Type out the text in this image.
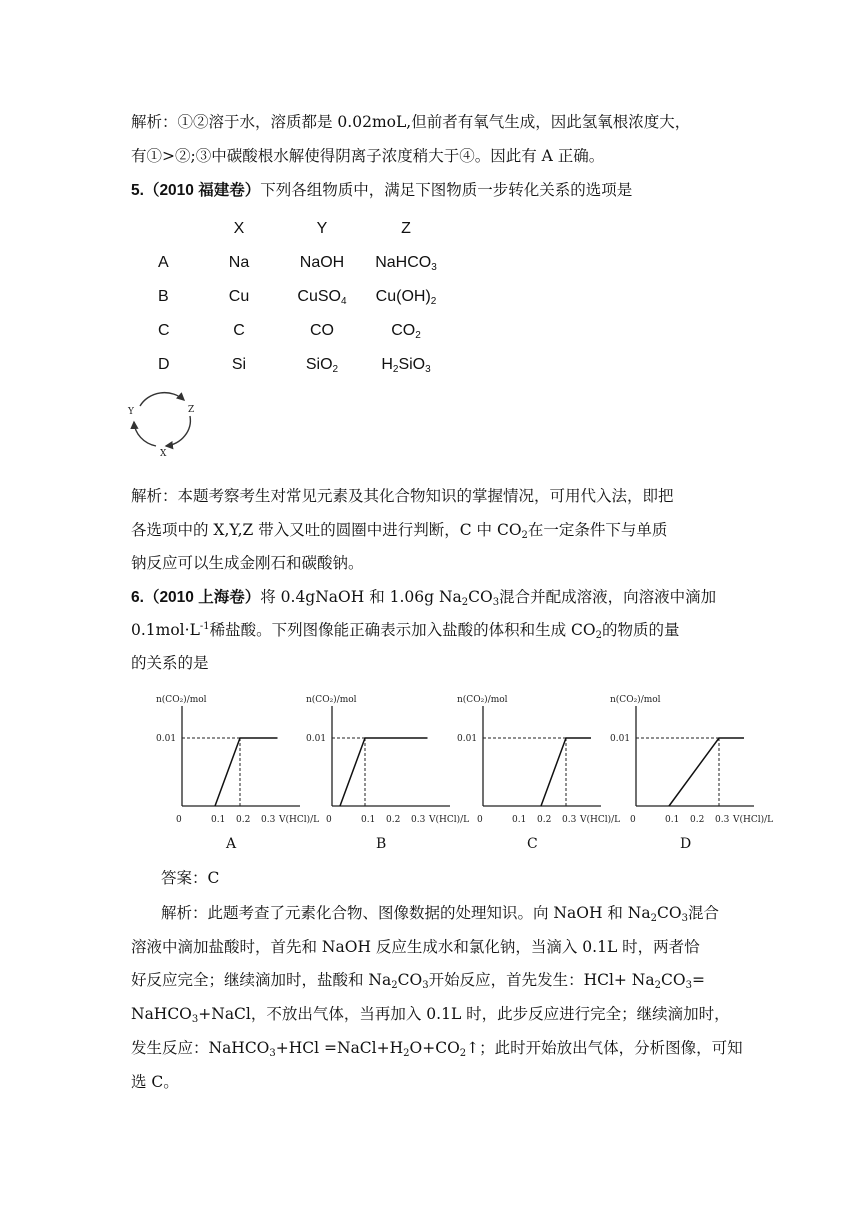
解析：①②溶于水，溶质都是 0.02moL,但前者有氧气生成，因此氢氧根浓度大，
有①>②;③中碳酸根水解使得阴离子浓度稍大于④。因此有 A 正确。
5.（2010 福建卷）下列各组物质中，满足下图物质一步转化关系的选项是
	X	Y	Z
A	Na	NaOH	NaHCO$_3$
B	Cu	CuSO$_4$	$Cu(OH)_2$
C	C	CO	$CO_2$
D	Si	SiO$_2$	$H_2SiO_3$
Y	Z
X
解析：本题考察考生对常见元素及其化合物知识的掌握情况，可用代入法，即把
各选项中的 X,Y,Z 带入又吐的圆圈中进行判断，C 中 $CO_2$在一定条件下与单质
钠反应可以生成金刚石和碳酸钠。
6.（2010 上海卷）将 0.4gNaOH 和 1.06g $Na_2CO_3$混合并配成溶液，向溶液中滴加
$0.1mol\cdot L^{-1}$稀盐酸。下列图像能正确表示加入盐酸的体积和生成 $CO_2$的物质的量
的关系的是
n(CO₂)/mol
0.01
0	0.1 0.2 0.3 V(HCl)/L
A
n(CO₂)/mol
0.01
0	0.1 0.2 0.3 V(HCl)/L
B
n(CO₂)/mol
0.01
0	0.1 0.2 0.3 V(HCl)/L
C
n(CO₂)/mol
0.01
0	0.1 0.2 0.3 V(HCl)/L
D
答案：C
解析：此题考查了元素化合物、图像数据的处理知识。向 NaOH 和 $Na_2CO_3$混合
溶液中滴加盐酸时，首先和 NaOH 反应生成水和氯化钠，当滴入 0.1L 时，两者恰
好反应完全；继续滴加时，盐酸和 $Na_2CO_3$开始反应，首先发生：$HCl+ Na_2CO_3=$
NaHCO$_3$+NaCl，不放出气体，当再加入 0.1L 时，此步反应进行完全；继续滴加时，
发生反应：NaHCO$_3$+HCl $=NaCl+H_2O+CO_2↑$；此时开始放出气体，分析图像，可知
选 C。
